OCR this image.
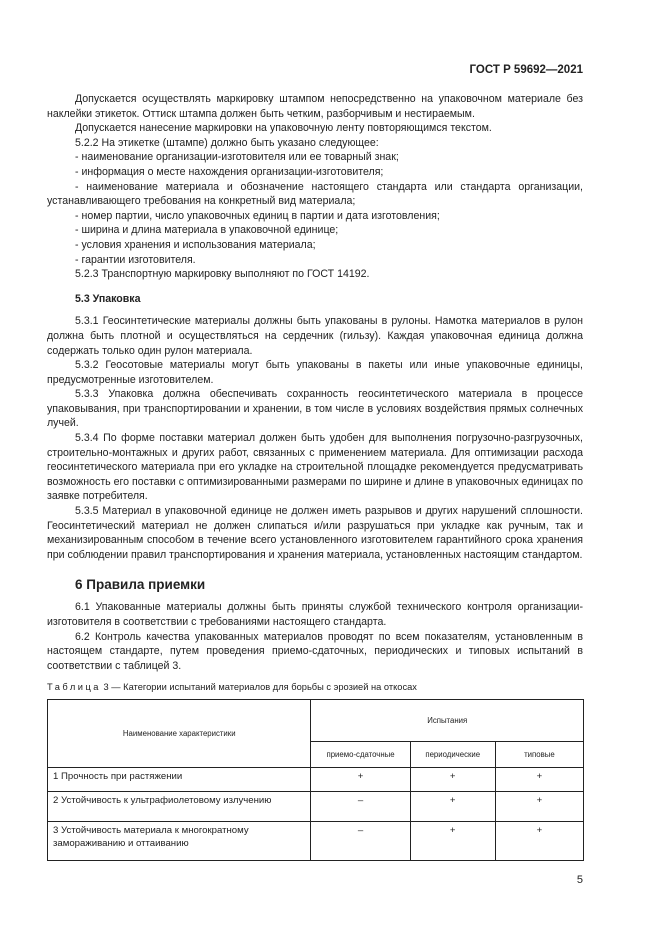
ГОСТ Р 59692—2021

Допускается осуществлять маркировку штампом непосредственно на упаковочном материале без наклейки этикеток. Оттиск штампа должен быть четким, разборчивым и нестираемым.

Допускается нанесение маркировки на упаковочную ленту повторяющимся текстом.

5.2.2 На этикетке (штампе) должно быть указано следующее:

- наименование организации-изготовителя или ее товарный знак;

- информация о месте нахождения организации-изготовителя;

- наименование материала и обозначение настоящего стандарта или стандарта организации, устанавливающего требования на конкретный вид материала;

- номер партии, число упаковочных единиц в партии и дата изготовления;

- ширина и длина материала в упаковочной единице;

- условия хранения и использования материала;

- гарантии изготовителя.

5.2.3 Транспортную маркировку выполняют по ГОСТ 14192.

5.3 Упаковка

5.3.1 Геосинтетические материалы должны быть упакованы в рулоны. Намотка материалов в рулон должна быть плотной и осуществляться на сердечник (гильзу). Каждая упаковочная единица должна содержать только один рулон материала.

5.3.2 Геосотовые материалы могут быть упакованы в пакеты или иные упаковочные единицы, предусмотренные изготовителем.

5.3.3 Упаковка должна обеспечивать сохранность геосинтетического материала в процессе упаковывания, при транспортировании и хранении, в том числе в условиях воздействия прямых солнечных лучей.

5.3.4 По форме поставки материал должен быть удобен для выполнения погрузочно-разгрузочных, строительно-монтажных и других работ, связанных с применением материала. Для оптимизации расхода геосинтетического материала при его укладке на строительной площадке рекомендуется предусматривать возможность его поставки с оптимизированными размерами по ширине и длине в упаковочных единицах по заявке потребителя.

5.3.5 Материал в упаковочной единице не должен иметь разрывов и других нарушений сплошности. Геосинтетический материал не должен слипаться и/или разрушаться при укладке как ручным, так и механизированным способом в течение всего установленного изготовителем гарантийного срока хранения при соблюдении правил транспортирования и хранения материала, установленных настоящим стандартом.

6 Правила приемки

6.1 Упакованные материалы должны быть приняты службой технического контроля организации-изготовителя в соответствии с требованиями настоящего стандарта.

6.2 Контроль качества упакованных материалов проводят по всем показателям, установленным в настоящем стандарте, путем проведения приемо-сдаточных, периодических и типовых испытаний в соответствии с таблицей 3.

Таблица 3 — Категории испытаний материалов для борьбы с эрозией на откосах
Наименование характеристики	Испытания		
	приемо-сдаточные	периодические	типовые
1 Прочность при растяжении	+	+	+
2 Устойчивость к ультрафиолетовому излучению	–	+	+
3 Устойчивость материала к многократному замораживанию и оттаиванию	–	+	+
5
